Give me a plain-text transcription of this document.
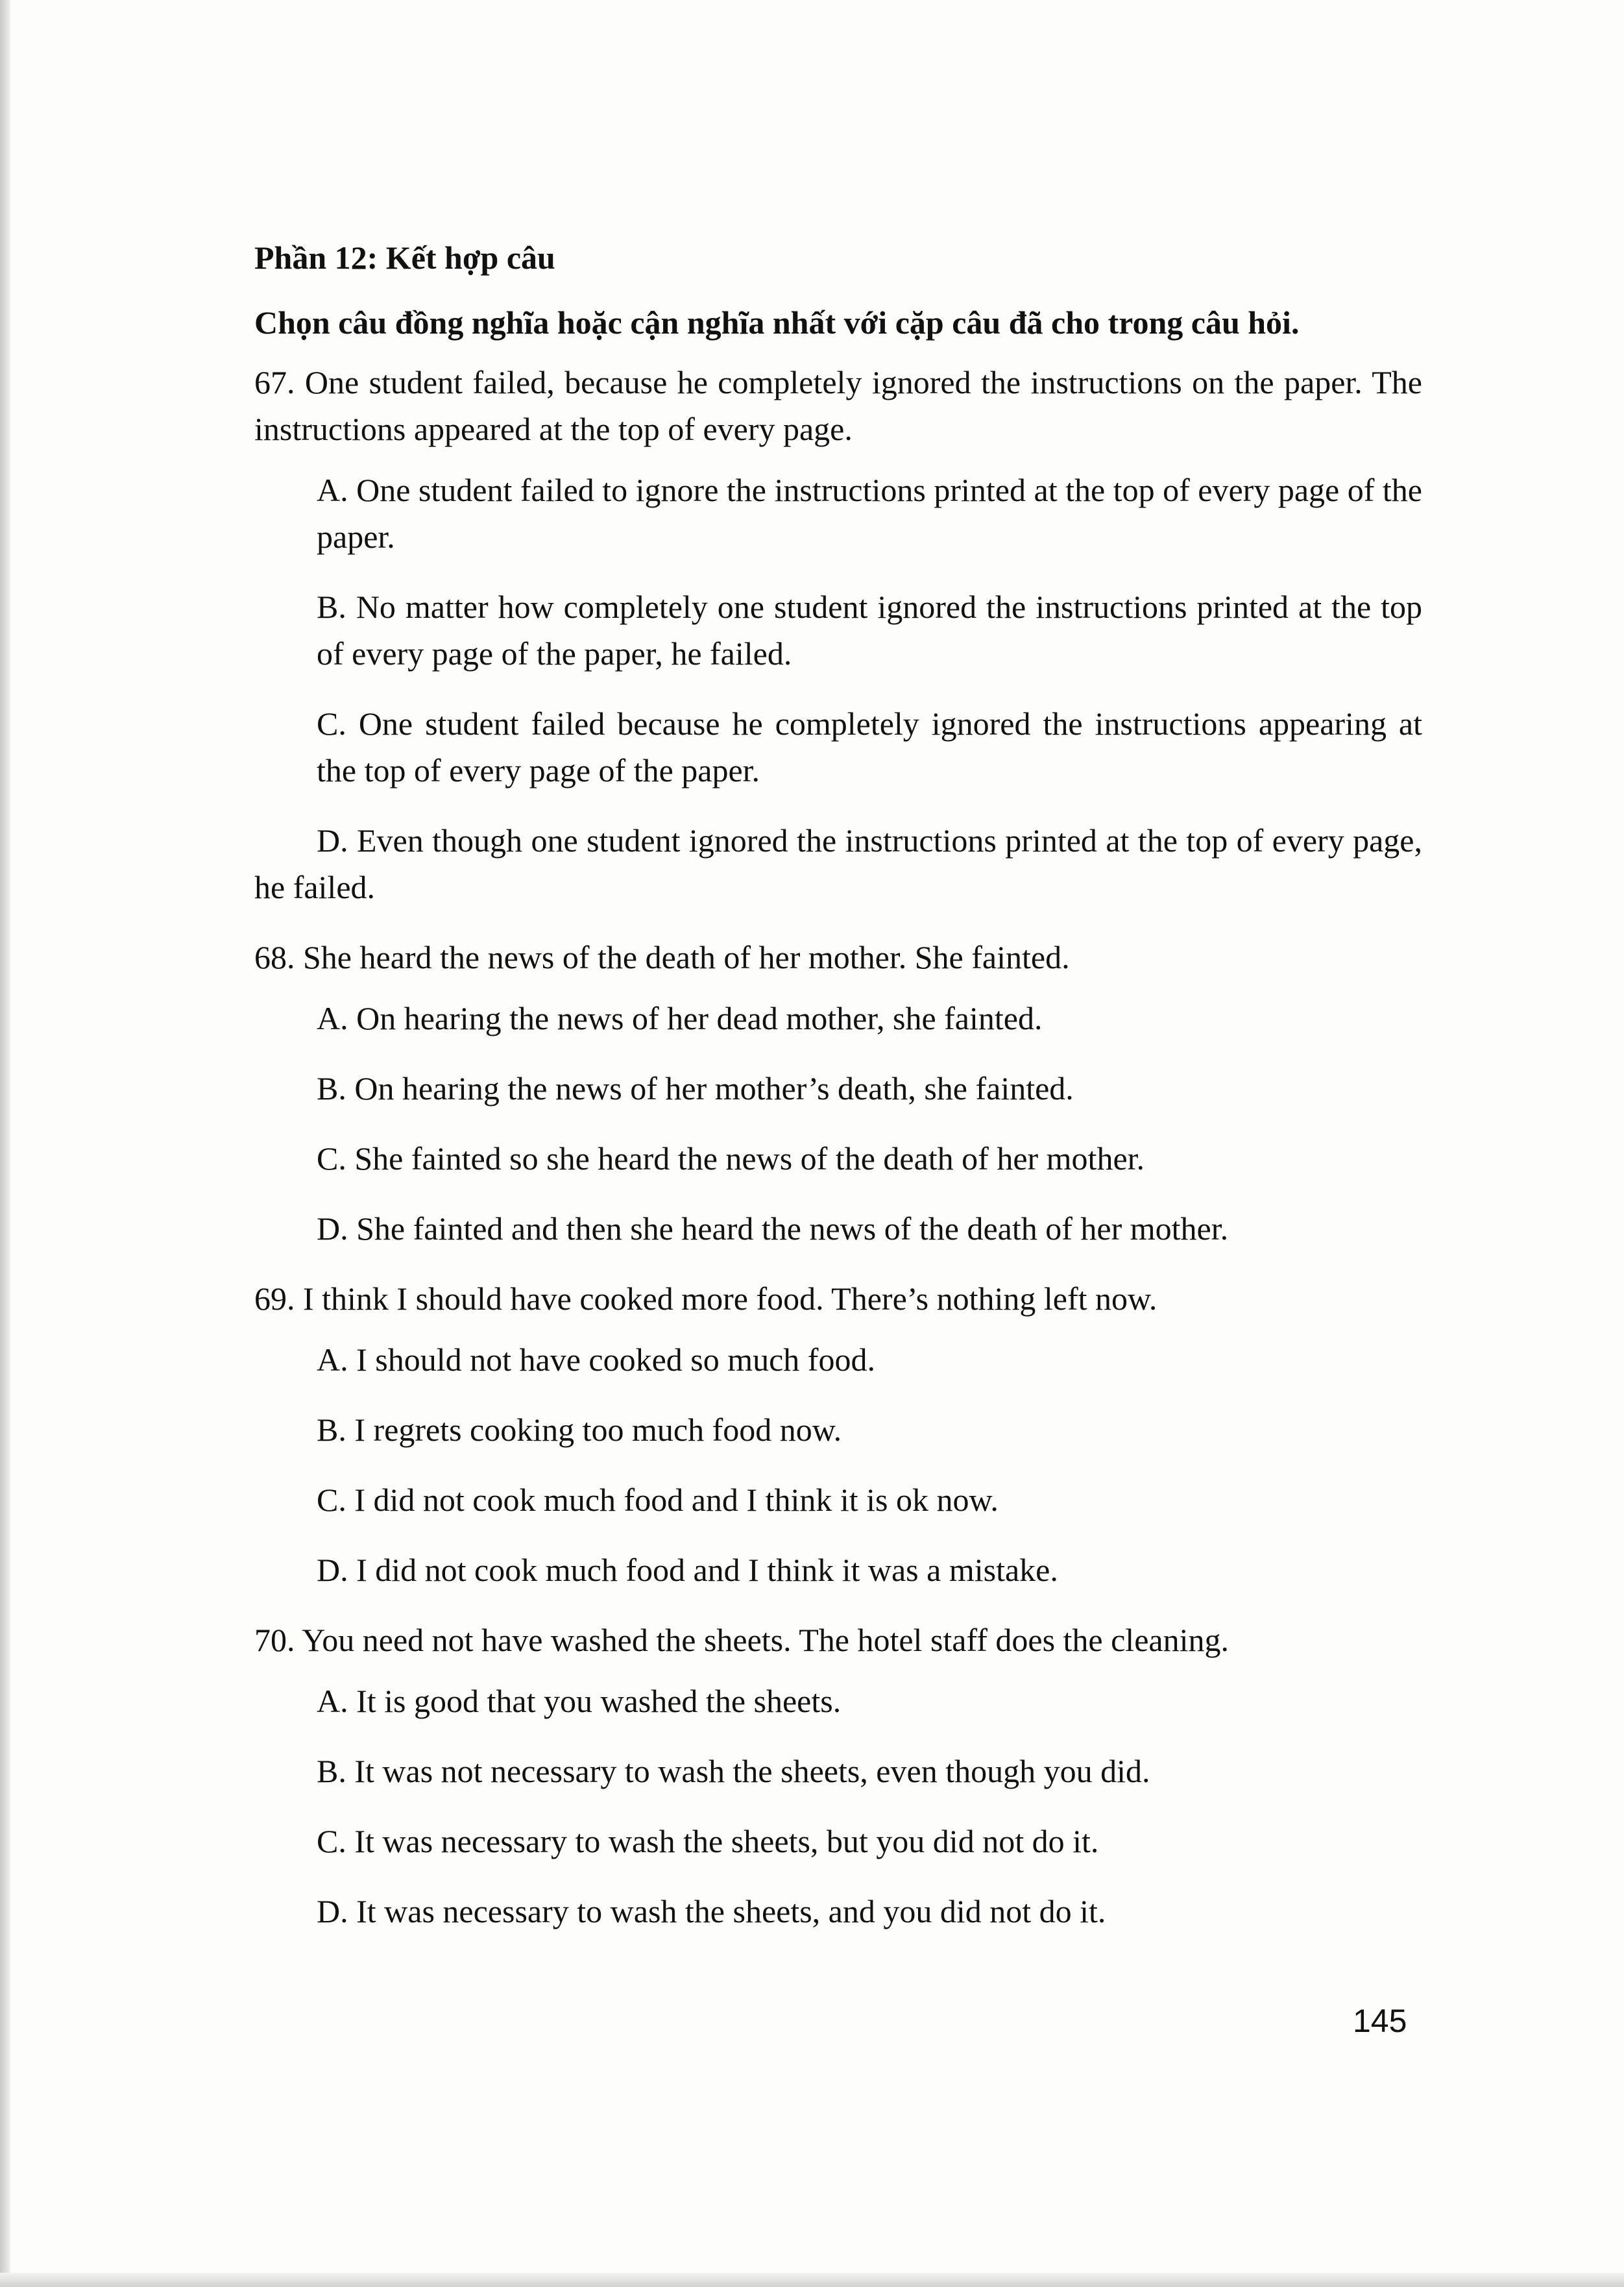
Phần 12: Kết hợp câu
Chọn câu đồng nghĩa hoặc cận nghĩa nhất với cặp câu đã cho trong câu hỏi.

67. One student failed, because he completely ignored the instructions on the paper. The instructions appeared at the top of every page.

A. One student failed to ignore the instructions printed at the top of every page of the paper.

B. No matter how completely one student ignored the instructions printed at the top of every page of the paper, he failed.

C. One student failed because he completely ignored the instructions appearing at the top of every page of the paper.

D. Even though one student ignored the instructions printed at the top of every page, he failed.

68. She heard the news of the death of her mother. She fainted.

A. On hearing the news of her dead mother, she fainted.

B. On hearing the news of her mother’s death, she fainted.

C. She fainted so she heard the news of the death of her mother.

D. She fainted and then she heard the news of the death of her mother.

69. I think I should have cooked more food. There’s nothing left now.

A. I should not have cooked so much food.

B. I regrets cooking too much food now.

C. I did not cook much food and I think it is ok now.

D. I did not cook much food and I think it was a mistake.

70. You need not have washed the sheets. The hotel staff does the cleaning.

A. It is good that you washed the sheets.

B. It was not necessary to wash the sheets, even though you did.

C. It was necessary to wash the sheets, but you did not do it.

D. It was necessary to wash the sheets, and you did not do it.

145
